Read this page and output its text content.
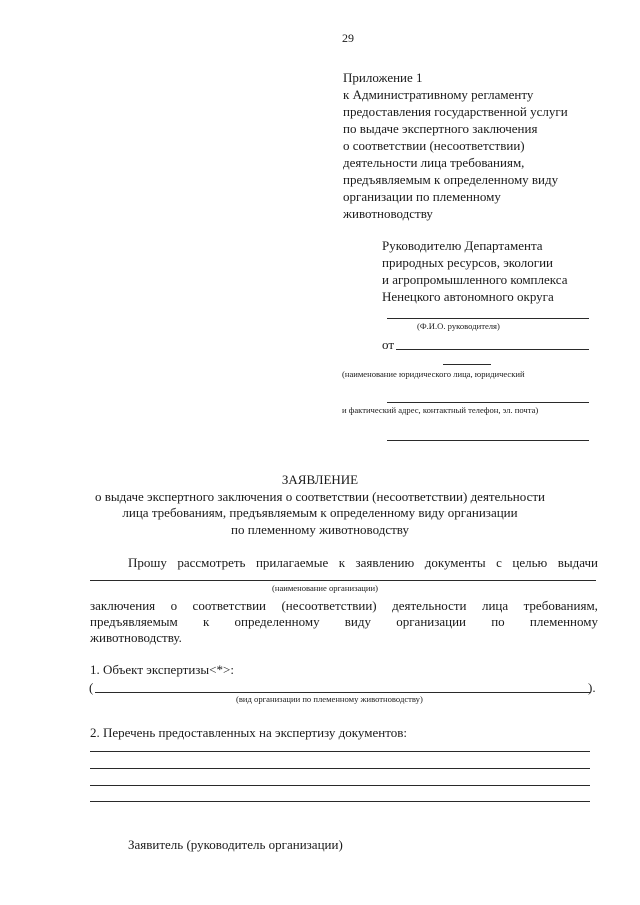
29
Приложение 1
к Административному регламенту
предоставления государственной услуги
по выдаче экспертного заключения
о соответствии (несоответствии)
деятельности лица требованиям,
предъявляемым к определенному виду
организации по племенному
животноводству
Руководителю Департамента
природных ресурсов, экологии
и агропромышленного комплекса
Ненецкого автономного округа
(Ф.И.О. руководителя)
от
(наименование юридического лица, юридический
и фактический адрес, контактный телефон, эл. почта)
ЗАЯВЛЕНИЕ
о выдаче экспертного заключения о соответствии (несоответствии) деятельности
лица требованиям, предъявляемым к определенному виду организации
по племенному животноводству
Прошу рассмотреть прилагаемые к заявлению документы с целью выдачи
(наименование организации)
заключения о соответствии (несоответствии) деятельности лица требованиям,
предъявляемым к определенному виду организации по племенному
животноводству.
1. Объект экспертизы<*>:
(	).
(вид организации по племенному животноводству)
2. Перечень предоставленных на экспертизу документов:
Заявитель (руководитель организации)
